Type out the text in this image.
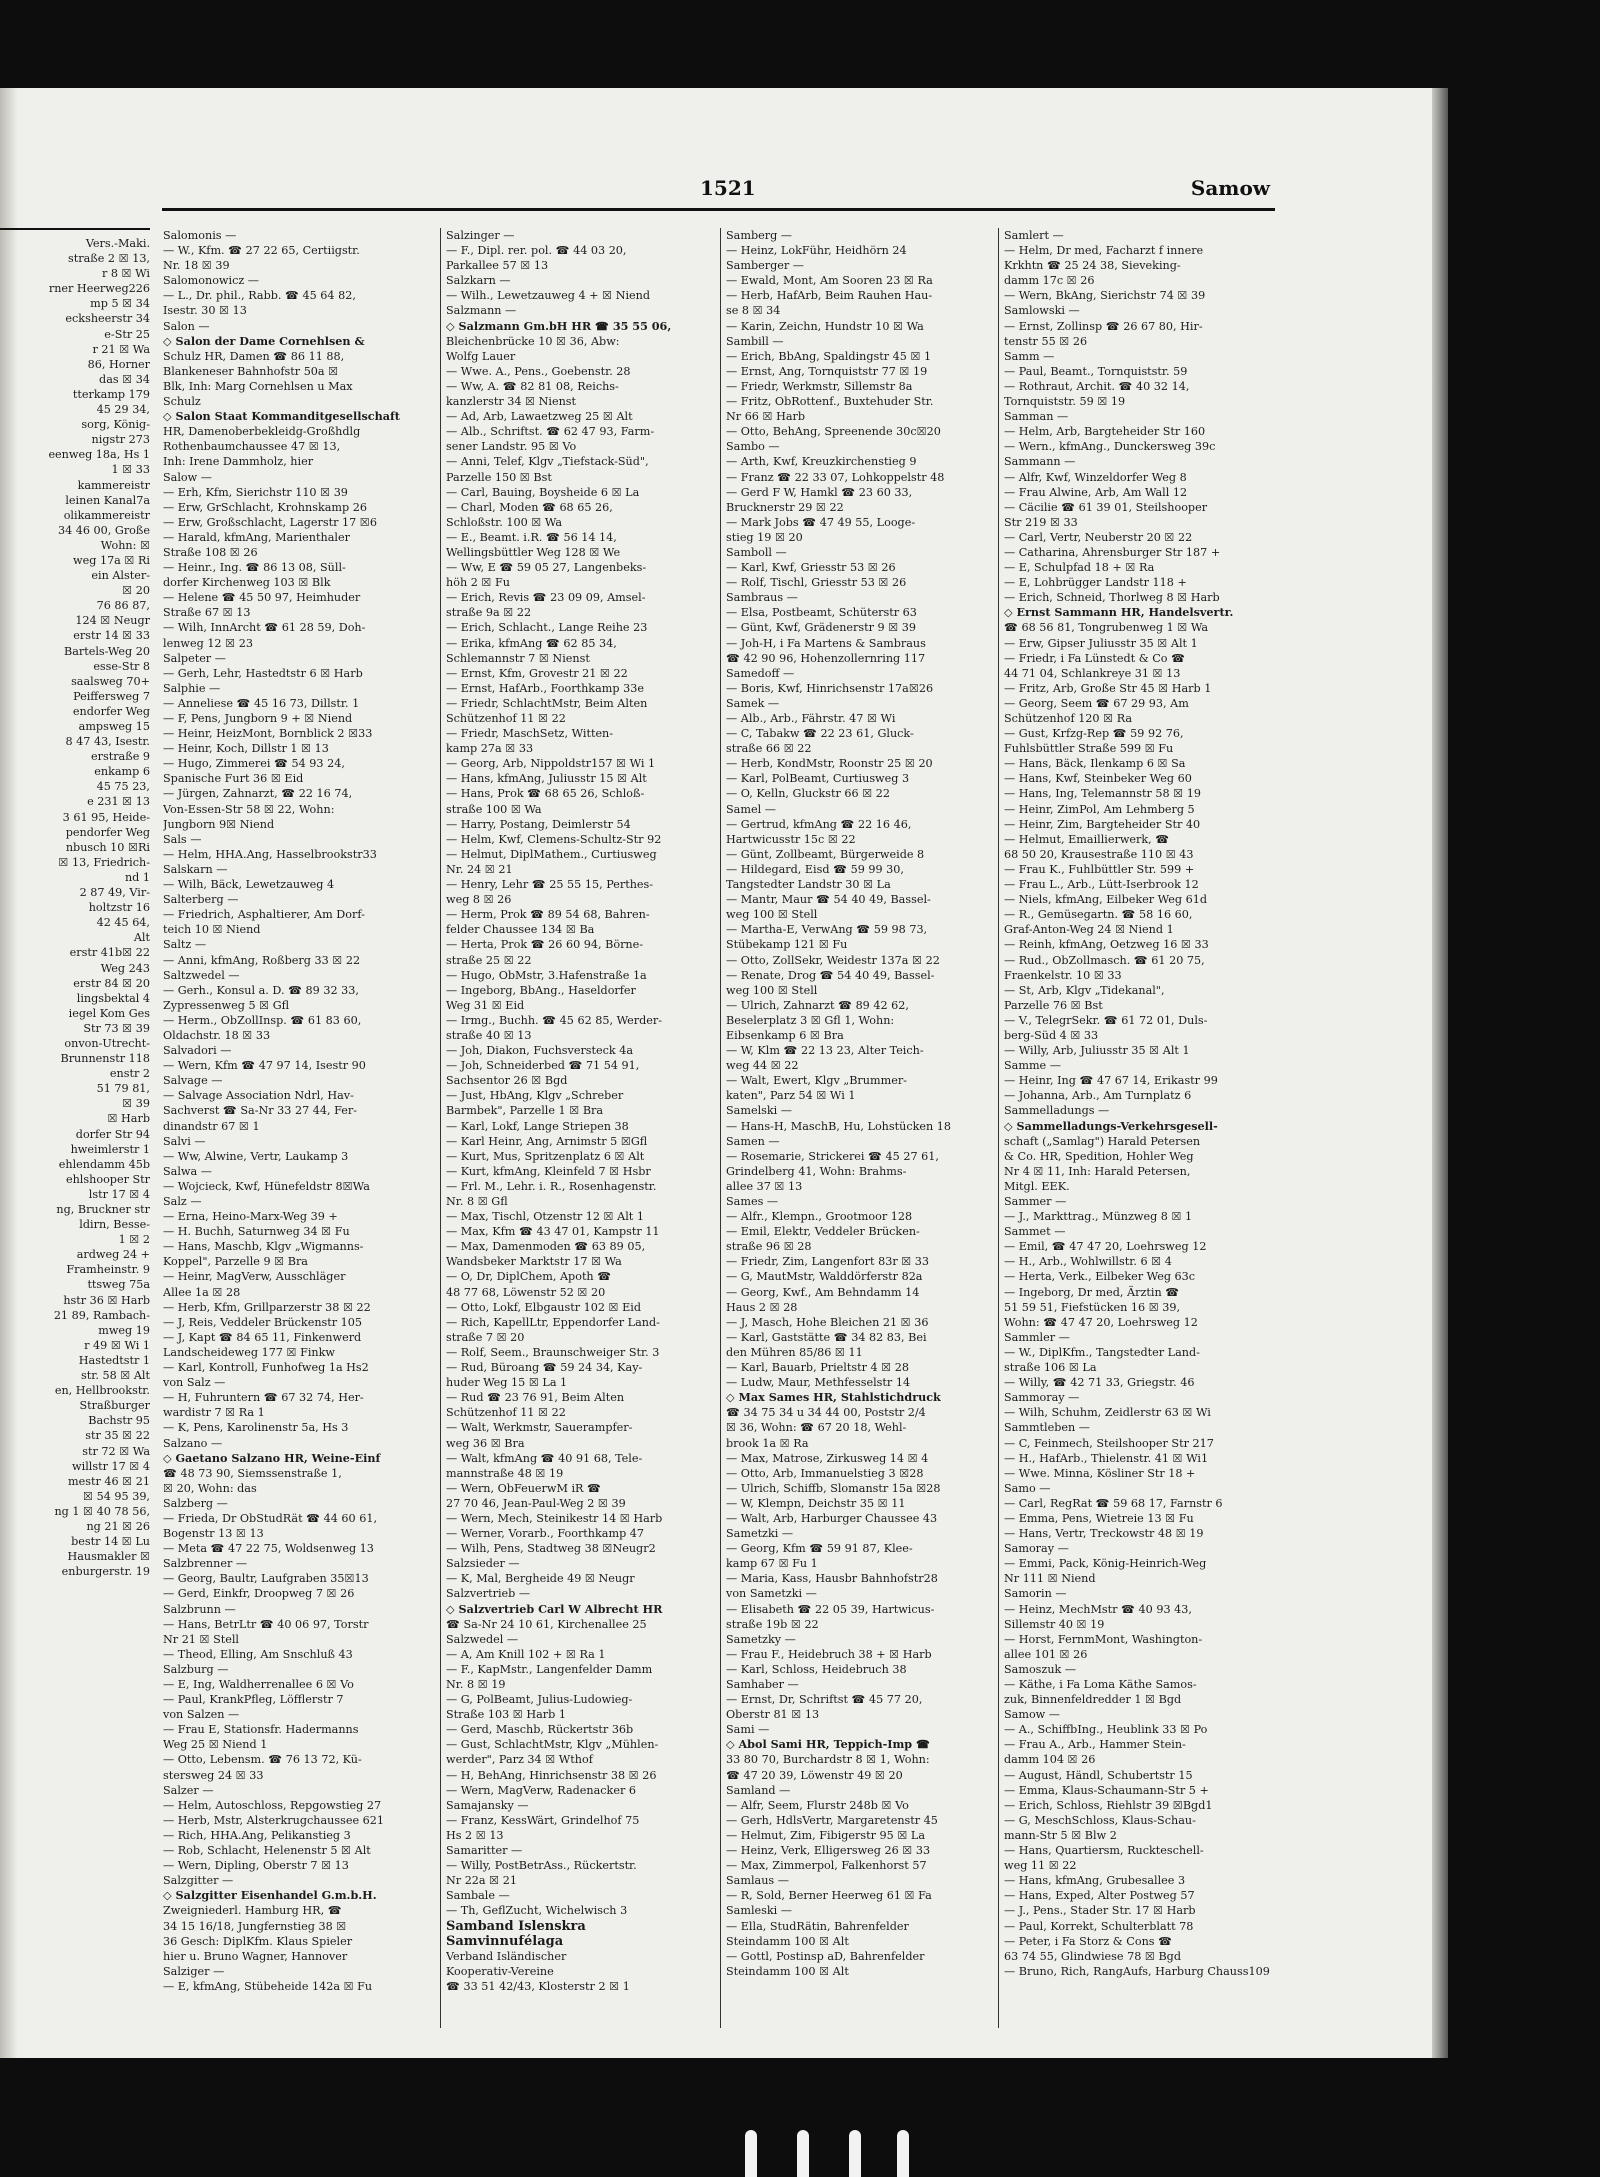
1521	Samow
Vers.-Maki.
straße 2 ☒ 13,
r 8 ☒ Wi
rner Heerweg226
mp 5 ☒ 34
ecksheerstr 34
e-Str 25
r 21 ☒ Wa
86, Horner
das ☒ 34
tterkamp 179
45 29 34,
sorg, König-
nigstr 273
eenweg 18a, Hs 1
1 ☒ 33
kammereistr
leinen Kanal7a
olikammereistr
34 46 00, Große
Wohn: ☒
weg 17a ☒ Ri
ein Alster-
☒ 20
76 86 87,
124 ☒ Neugr
erstr 14 ☒ 33
Bartels-Weg 20
esse-Str 8
saalsweg 70+
Peiffersweg 7
endorfer Weg
ampsweg 15
8 47 43, Isestr.
erstraße 9
enkamp 6
45 75 23,
e 231 ☒ 13
3 61 95, Heide-
pendorfer Weg
nbusch 10 ☒Ri
☒ 13, Friedrich-
nd 1
2 87 49, Vir-
holtzstr 16
42 45 64,
Alt
erstr 41b☒ 22
Weg 243
erstr 84 ☒ 20
lingsbektal 4
iegel Kom Ges
Str 73 ☒ 39
onvon-Utrecht-
Brunnenstr 118
enstr 2
51 79 81,
☒ 39
☒ Harb
dorfer Str 94
hweimlerstr 1
ehlendamm 45b
ehlshooper Str
lstr 17 ☒ 4
ng, Bruckner str
ldirn, Besse-
1 ☒ 2
ardweg 24 +
Framheinstr. 9
ttsweg 75a
hstr 36 ☒ Harb
21 89, Rambach-
mweg 19
r 49 ☒ Wi 1
Hastedtstr 1
str. 58 ☒ Alt
en, Hellbrookstr.
Straßburger
Bachstr 95
str 35 ☒ 22
str 72 ☒ Wa
willstr 17 ☒ 4
mestr 46 ☒ 21
☒ 54 95 39,
ng 1 ☒ 40 78 56,
ng 21 ☒ 26
bestr 14 ☒ Lu
Hausmakler ☒
enburgerstr. 19
Salomonis —
— W., Kfm. ☎ 27 22 65, Certiigstr.
Nr. 18 ☒ 39
Salomonowicz —
— L., Dr. phil., Rabb. ☎ 45 64 82,
Isestr. 30 ☒ 13
Salon —
◇ Salon der Dame Cornehlsen &
Schulz HR, Damen ☎ 86 11 88,
Blankeneser Bahnhofstr 50a ☒
Blk, Inh: Marg Cornehlsen u Max
Schulz
◇ Salon Staat Kommanditgesellschaft
HR, Damenoberbekleidg-Großhdlg
Rothenbaumchaussee 47 ☒ 13,
Inh: Irene Dammholz, hier
Salow —
— Erh, Kfm, Sierichstr 110 ☒ 39
— Erw, GrSchlacht, Krohnskamp 26
— Erw, Großschlacht, Lagerstr 17 ☒6
— Harald, kfmAng, Marienthaler
Straße 108 ☒ 26
— Heinr., Ing. ☎ 86 13 08, Süll-
dorfer Kirchenweg 103 ☒ Blk
— Helene ☎ 45 50 97, Heimhuder
Straße 67 ☒ 13
— Wilh, InnArcht ☎ 61 28 59, Doh-
lenweg 12 ☒ 23
Salpeter —
— Gerh, Lehr, Hastedtstr 6 ☒ Harb
Salphie —
— Anneliese ☎ 45 16 73, Dillstr. 1
— F, Pens, Jungborn 9 + ☒ Niend
— Heinr, HeizMont, Bornblick 2 ☒33
— Heinr, Koch, Dillstr 1 ☒ 13
— Hugo, Zimmerei ☎ 54 93 24,
Spanische Furt 36 ☒ Eid
— Jürgen, Zahnarzt, ☎ 22 16 74,
Von-Essen-Str 58 ☒ 22, Wohn:
Jungborn 9☒ Niend
Sals —
— Helm, HHA.Ang, Hasselbrookstr33
Salskarn —
— Wilh, Bäck, Lewetzauweg 4
Salterberg —
— Friedrich, Asphaltierer, Am Dorf-
teich 10 ☒ Niend
Saltz —
— Anni, kfmAng, Roßberg 33 ☒ 22
Saltzwedel —
— Gerh., Konsul a. D. ☎ 89 32 33,
Zypressenweg 5 ☒ Gfl
— Herm., ObZollInsp. ☎ 61 83 60,
Oldachstr. 18 ☒ 33
Salvadori —
— Wern, Kfm ☎ 47 97 14, Isestr 90
Salvage —
— Salvage Association Ndrl, Hav-
Sachverst ☎ Sa-Nr 33 27 44, Fer-
dinandstr 67 ☒ 1
Salvi —
— Ww, Alwine, Vertr, Laukamp 3
Salwa —
— Wojcieck, Kwf, Hünefeldstr 8☒Wa
Salz —
— Erna, Heino-Marx-Weg 39 +
— H. Buchh, Saturnweg 34 ☒ Fu
— Hans, Maschb, Klgv „Wigmanns-
Koppel", Parzelle 9 ☒ Bra
— Heinr, MagVerw, Ausschläger
Allee 1a ☒ 28
— Herb, Kfm, Grillparzerstr 38 ☒ 22
— J, Reis, Veddeler Brückenstr 105
— J, Kapt ☎ 84 65 11, Finkenwerd
Landscheideweg 177 ☒ Finkw
— Karl, Kontroll, Funhofweg 1a Hs2
von Salz —
— H, Fuhruntern ☎ 67 32 74, Her-
wardistr 7 ☒ Ra 1
— K, Pens, Karolinenstr 5a, Hs 3
Salzano —
◇ Gaetano Salzano HR, Weine-Einf
☎ 48 73 90, Siemssenstraße 1,
☒ 20, Wohn: das
Salzberg —
— Frieda, Dr ObStudRät ☎ 44 60 61,
Bogenstr 13 ☒ 13
— Meta ☎ 47 22 75, Woldsenweg 13
Salzbrenner —
— Georg, Baultr, Laufgraben 35☒13
— Gerd, Einkfr, Droopweg 7 ☒ 26
Salzbrunn —
— Hans, BetrLtr ☎ 40 06 97, Torstr
Nr 21 ☒ Stell
— Theod, Elling, Am Snschluß 43
Salzburg —
— E, Ing, Waldherrenallee 6 ☒ Vo
— Paul, KrankPfleg, Löfflerstr 7
von Salzen —
— Frau E, Stationsfr. Hadermanns
Weg 25 ☒ Niend 1
— Otto, Lebensm. ☎ 76 13 72, Kü-
stersweg 24 ☒ 33
Salzer —
— Helm, Autoschloss, Repgowstieg 27
— Herb, Mstr, Alsterkrugchaussee 621
— Rich, HHA.Ang, Pelikanstieg 3
— Rob, Schlacht, Helenenstr 5 ☒ Alt
— Wern, Dipling, Oberstr 7 ☒ 13
Salzgitter —
◇ Salzgitter Eisenhandel G.m.b.H.
Zweigniederl. Hamburg HR, ☎
34 15 16/18, Jungfernstieg 38 ☒
36 Gesch: DiplKfm. Klaus Spieler
hier u. Bruno Wagner, Hannover
Salziger —
— E, kfmAng, Stübeheide 142a ☒ Fu
Salzinger —
— F., Dipl. rer. pol. ☎ 44 03 20,
Parkallee 57 ☒ 13
Salzkarn —
— Wilh., Lewetzauweg 4 + ☒ Niend
Salzmann —
◇ Salzmann Gm.bH HR ☎ 35 55 06,
Bleichenbrücke 10 ☒ 36, Abw:
Wolfg Lauer
— Wwe. A., Pens., Goebenstr. 28
— Ww, A. ☎ 82 81 08, Reichs-
kanzlerstr 34 ☒ Nienst
— Ad, Arb, Lawaetzweg 25 ☒ Alt
— Alb., Schriftst. ☎ 62 47 93, Farm-
sener Landstr. 95 ☒ Vo
— Anni, Telef, Klgv „Tiefstack-Süd",
Parzelle 150 ☒ Bst
— Carl, Bauing, Boysheide 6 ☒ La
— Charl, Moden ☎ 68 65 26,
Schloßstr. 100 ☒ Wa
— E., Beamt. i.R. ☎ 56 14 14,
Wellingsbüttler Weg 128 ☒ We
— Ww, E ☎ 59 05 27, Langenbeks-
höh 2 ☒ Fu
— Erich, Revis ☎ 23 09 09, Amsel-
straße 9a ☒ 22
— Erich, Schlacht., Lange Reihe 23
— Erika, kfmAng ☎ 62 85 34,
Schlemannstr 7 ☒ Nienst
— Ernst, Kfm, Grovestr 21 ☒ 22
— Ernst, HafArb., Foorthkamp 33e
— Friedr, SchlachtMstr, Beim Alten
Schützenhof 11 ☒ 22
— Friedr, MaschSetz, Witten-
kamp 27a ☒ 33
— Georg, Arb, Nippoldstr157 ☒ Wi 1
— Hans, kfmAng, Juliusstr 15 ☒ Alt
— Hans, Prok ☎ 68 65 26, Schloß-
straße 100 ☒ Wa
— Harry, Postang, Deimlerstr 54
— Helm, Kwf, Clemens-Schultz-Str 92
— Helmut, DiplMathem., Curtiusweg
Nr. 24 ☒ 21
— Henry, Lehr ☎ 25 55 15, Perthes-
weg 8 ☒ 26
— Herm, Prok ☎ 89 54 68, Bahren-
felder Chaussee 134 ☒ Ba
— Herta, Prok ☎ 26 60 94, Börne-
straße 25 ☒ 22
— Hugo, ObMstr, 3.Hafenstraße 1a
— Ingeborg, BbAng., Haseldorfer
Weg 31 ☒ Eid
— Irmg., Buchh. ☎ 45 62 85, Werder-
straße 40 ☒ 13
— Joh, Diakon, Fuchsversteck 4a
— Joh, Schneiderbed ☎ 71 54 91,
Sachsentor 26 ☒ Bgd
— Just, HbAng, Klgv „Schreber
Barmbek", Parzelle 1 ☒ Bra
— Karl, Lokf, Lange Striepen 38
— Karl Heinr, Ang, Arnimstr 5 ☒Gfl
— Kurt, Mus, Spritzenplatz 6 ☒ Alt
— Kurt, kfmAng, Kleinfeld 7 ☒ Hsbr
— Frl. M., Lehr. i. R., Rosenhagenstr.
Nr. 8 ☒ Gfl
— Max, Tischl, Otzenstr 12 ☒ Alt 1
— Max, Kfm ☎ 43 47 01, Kampstr 11
— Max, Damenmoden ☎ 63 89 05,
Wandsbeker Marktstr 17 ☒ Wa
— O, Dr, DiplChem, Apoth ☎
48 77 68, Löwenstr 52 ☒ 20
— Otto, Lokf, Elbgaustr 102 ☒ Eid
— Rich, KapellLtr, Eppendorfer Land-
straße 7 ☒ 20
— Rolf, Seem., Braunschweiger Str. 3
— Rud, Büroang ☎ 59 24 34, Kay-
huder Weg 15 ☒ La 1
— Rud ☎ 23 76 91, Beim Alten
Schützenhof 11 ☒ 22
— Walt, Werkmstr, Sauerampfer-
weg 36 ☒ Bra
— Walt, kfmAng ☎ 40 91 68, Tele-
mannstraße 48 ☒ 19
— Wern, ObFeuerwM iR ☎
27 70 46, Jean-Paul-Weg 2 ☒ 39
— Wern, Mech, Steinikestr 14 ☒ Harb
— Werner, Vorarb., Foorthkamp 47
— Wilh, Pens, Stadtweg 38 ☒Neugr2
Salzsieder —
— K, Mal, Bergheide 49 ☒ Neugr
Salzvertrieb —
◇ Salzvertrieb Carl W Albrecht HR
☎ Sa-Nr 24 10 61, Kirchenallee 25
Salzwedel —
— A, Am Knill 102 + ☒ Ra 1
— F., KapMstr., Langenfelder Damm
Nr. 8 ☒ 19
— G, PolBeamt, Julius-Ludowieg-
Straße 103 ☒ Harb 1
— Gerd, Maschb, Rückertstr 36b
— Gust, SchlachtMstr, Klgv „Mühlen-
werder", Parz 34 ☒ Wthof
— H, BehAng, Hinrichsenstr 38 ☒ 26
— Wern, MagVerw, Radenacker 6
Samajansky —
— Franz, KessWärt, Grindelhof 75
Hs 2 ☒ 13
Samaritter —
— Willy, PostBetrAss., Rückertstr.
Nr 22a ☒ 21
Sambale —
— Th, GeflZucht, Wichelwisch 3
Samband Islenskra
Samvinnufélaga
Verband Isländischer
Kooperativ-Vereine
☎ 33 51 42/43, Klosterstr 2 ☒ 1
Samberg —
— Heinz, LokFühr, Heidhörn 24
Samberger —
— Ewald, Mont, Am Sooren 23 ☒ Ra
— Herb, HafArb, Beim Rauhen Hau-
se 8 ☒ 34
— Karin, Zeichn, Hundstr 10 ☒ Wa
Sambill —
— Erich, BbAng, Spaldingstr 45 ☒ 1
— Ernst, Ang, Tornquiststr 77 ☒ 19
— Friedr, Werkmstr, Sillemstr 8a
— Fritz, ObRottenf., Buxtehuder Str.
Nr 66 ☒ Harb
— Otto, BehAng, Spreenende 30c☒20
Sambo —
— Arth, Kwf, Kreuzkirchenstieg 9
— Franz ☎ 22 33 07, Lohkoppelstr 48
— Gerd F W, Hamkl ☎ 23 60 33,
Brucknerstr 29 ☒ 22
— Mark Jobs ☎ 47 49 55, Looge-
stieg 19 ☒ 20
Samboll —
— Karl, Kwf, Griesstr 53 ☒ 26
— Rolf, Tischl, Griesstr 53 ☒ 26
Sambraus —
— Elsa, Postbeamt, Schüterstr 63
— Günt, Kwf, Grädenerstr 9 ☒ 39
— Joh-H, i Fa Martens & Sambraus
☎ 42 90 96, Hohenzollernring 117
Samedoff —
— Boris, Kwf, Hinrichsenstr 17a☒26
Samek —
— Alb., Arb., Fährstr. 47 ☒ Wi
— C, Tabakw ☎ 22 23 61, Gluck-
straße 66 ☒ 22
— Herb, KondMstr, Roonstr 25 ☒ 20
— Karl, PolBeamt, Curtiusweg 3
— O, Kelln, Gluckstr 66 ☒ 22
Samel —
— Gertrud, kfmAng ☎ 22 16 46,
Hartwicusstr 15c ☒ 22
— Günt, Zollbeamt, Bürgerweide 8
— Hildegard, Eisd ☎ 59 99 30,
Tangstedter Landstr 30 ☒ La
— Mantr, Maur ☎ 54 40 49, Bassel-
weg 100 ☒ Stell
— Martha-E, VerwAng ☎ 59 98 73,
Stübekamp 121 ☒ Fu
— Otto, ZollSekr, Weidestr 137a ☒ 22
— Renate, Drog ☎ 54 40 49, Bassel-
weg 100 ☒ Stell
— Ulrich, Zahnarzt ☎ 89 42 62,
Beselerplatz 3 ☒ Gfl 1, Wohn:
Eibsenkamp 6 ☒ Bra
— W, Klm ☎ 22 13 23, Alter Teich-
weg 44 ☒ 22
— Walt, Ewert, Klgv „Brummer-
katen", Parz 54 ☒ Wi 1
Samelski —
— Hans-H, MaschB, Hu, Lohstücken 18
Samen —
— Rosemarie, Strickerei ☎ 45 27 61,
Grindelberg 41, Wohn: Brahms-
allee 37 ☒ 13
Sames —
— Alfr., Klempn., Grootmoor 128
— Emil, Elektr, Veddeler Brücken-
straße 96 ☒ 28
— Friedr, Zim, Langenfort 83r ☒ 33
— G, MautMstr, Walddörferstr 82a
— Georg, Kwf., Am Behndamm 14
Haus 2 ☒ 28
— J, Masch, Hohe Bleichen 21 ☒ 36
— Karl, Gaststätte ☎ 34 82 83, Bei
den Mühren 85/86 ☒ 11
— Karl, Bauarb, Prieltstr 4 ☒ 28
— Ludw, Maur, Methfesselstr 14
◇ Max Sames HR, Stahlstichdruck
☎ 34 75 34 u 34 44 00, Poststr 2/4
☒ 36, Wohn: ☎ 67 20 18, Wehl-
brook 1a ☒ Ra
— Max, Matrose, Zirkusweg 14 ☒ 4
— Otto, Arb, Immanuelstieg 3 ☒28
— Ulrich, Schiffb, Slomanstr 15a ☒28
— W, Klempn, Deichstr 35 ☒ 11
— Walt, Arb, Harburger Chaussee 43
Sametzki —
— Georg, Kfm ☎ 59 91 87, Klee-
kamp 67 ☒ Fu 1
— Maria, Kass, Hausbr Bahnhofstr28
von Sametzki —
— Elisabeth ☎ 22 05 39, Hartwicus-
straße 19b ☒ 22
Sametzky —
— Frau F., Heidebruch 38 + ☒ Harb
— Karl, Schloss, Heidebruch 38
Samhaber —
— Ernst, Dr, Schriftst ☎ 45 77 20,
Oberstr 81 ☒ 13
Sami —
◇ Abol Sami HR, Teppich-Imp ☎
33 80 70, Burchardstr 8 ☒ 1, Wohn:
☎ 47 20 39, Löwenstr 49 ☒ 20
Samland —
— Alfr, Seem, Flurstr 248b ☒ Vo
— Gerh, HdlsVertr, Margaretenstr 45
— Helmut, Zim, Fibigerstr 95 ☒ La
— Heinz, Verk, Elligersweg 26 ☒ 33
— Max, Zimmerpol, Falkenhorst 57
Samlaus —
— R, Sold, Berner Heerweg 61 ☒ Fa
Samleski —
— Ella, StudRätin, Bahrenfelder
Steindamm 100 ☒ Alt
— Gottl, Postinsp aD, Bahrenfelder
Steindamm 100 ☒ Alt
Samlert —
— Helm, Dr med, Facharzt f innere
Krkhtn ☎ 25 24 38, Sieveking-
damm 17c ☒ 26
— Wern, BkAng, Sierichstr 74 ☒ 39
Samlowski —
— Ernst, Zollinsp ☎ 26 67 80, Hir-
tenstr 55 ☒ 26
Samm —
— Paul, Beamt., Tornquiststr. 59
— Rothraut, Archit. ☎ 40 32 14,
Tornquiststr. 59 ☒ 19
Samman —
— Helm, Arb, Bargteheider Str 160
— Wern., kfmAng., Dunckersweg 39c
Sammann —
— Alfr, Kwf, Winzeldorfer Weg 8
— Frau Alwine, Arb, Am Wall 12
— Cäcilie ☎ 61 39 01, Steilshooper
Str 219 ☒ 33
— Carl, Vertr, Neuberstr 20 ☒ 22
— Catharina, Ahrensburger Str 187 +
— E, Schulpfad 18 + ☒ Ra
— E, Lohbrügger Landstr 118 +
— Erich, Schneid, Thorlweg 8 ☒ Harb
◇ Ernst Sammann HR, Handelsvertr.
☎ 68 56 81, Tongrubenweg 1 ☒ Wa
— Erw, Gipser Juliusstr 35 ☒ Alt 1
— Friedr, i Fa Lünstedt & Co ☎
44 71 04, Schlankreye 31 ☒ 13
— Fritz, Arb, Große Str 45 ☒ Harb 1
— Georg, Seem ☎ 67 29 93, Am
Schützenhof 120 ☒ Ra
— Gust, Krfzg-Rep ☎ 59 92 76,
Fuhlsbüttler Straße 599 ☒ Fu
— Hans, Bäck, Ilenkamp 6 ☒ Sa
— Hans, Kwf, Steinbeker Weg 60
— Hans, Ing, Telemannstr 58 ☒ 19
— Heinr, ZimPol, Am Lehmberg 5
— Heinr, Zim, Bargteheider Str 40
— Helmut, Emaillierwerk, ☎
68 50 20, Krausestraße 110 ☒ 43
— Frau K., Fuhlbüttler Str. 599 +
— Frau L., Arb., Lütt-Iserbrook 12
— Niels, kfmAng, Eilbeker Weg 61d
— R., Gemüsegartn. ☎ 58 16 60,
Graf-Anton-Weg 24 ☒ Niend 1
— Reinh, kfmAng, Oetzweg 16 ☒ 33
— Rud., ObZollmasch. ☎ 61 20 75,
Fraenkelstr. 10 ☒ 33
— St, Arb, Klgv „Tidekanal",
Parzelle 76 ☒ Bst
— V., TelegrSekr. ☎ 61 72 01, Duls-
berg-Süd 4 ☒ 33
— Willy, Arb, Juliusstr 35 ☒ Alt 1
Samme —
— Heinr, Ing ☎ 47 67 14, Erikastr 99
— Johanna, Arb., Am Turnplatz 6
Sammelladungs —
◇ Sammelladungs-Verkehrsgesell-
schaft („Samlag") Harald Petersen
& Co. HR, Spedition, Hohler Weg
Nr 4 ☒ 11, Inh: Harald Petersen,
Mitgl. EEK.
Sammer —
— J., Markttrag., Münzweg 8 ☒ 1
Sammet —
— Emil, ☎ 47 47 20, Loehrsweg 12
— H., Arb., Wohlwillstr. 6 ☒ 4
— Herta, Verk., Eilbeker Weg 63c
— Ingeborg, Dr med, Ärztin ☎
51 59 51, Fiefstücken 16 ☒ 39,
Wohn: ☎ 47 47 20, Loehrsweg 12
Sammler —
— W., DiplKfm., Tangstedter Land-
straße 106 ☒ La
— Willy, ☎ 42 71 33, Griegstr. 46
Sammoray —
— Wilh, Schuhm, Zeidlerstr 63 ☒ Wi
Sammtleben —
— C, Feinmech, Steilshooper Str 217
— H., HafArb., Thielenstr. 41 ☒ Wi1
— Wwe. Minna, Kösliner Str 18 +
Samo —
— Carl, RegRat ☎ 59 68 17, Farnstr 6
— Emma, Pens, Wietreie 13 ☒ Fu
— Hans, Vertr, Treckowstr 48 ☒ 19
Samoray —
— Emmi, Pack, König-Heinrich-Weg
Nr 111 ☒ Niend
Samorin —
— Heinz, MechMstr ☎ 40 93 43,
Sillemstr 40 ☒ 19
— Horst, FernmMont, Washington-
allee 101 ☒ 26
Samoszuk —
— Käthe, i Fa Loma Käthe Samos-
zuk, Binnenfeldredder 1 ☒ Bgd
Samow —
— A., SchiffbIng., Heublink 33 ☒ Po
— Frau A., Arb., Hammer Stein-
damm 104 ☒ 26
— August, Händl, Schubertstr 15
— Emma, Klaus-Schaumann-Str 5 +
— Erich, Schloss, Riehlstr 39 ☒Bgd1
— G, MeschSchloss, Klaus-Schau-
mann-Str 5 ☒ Blw 2
— Hans, Quartiersm, Ruckteschell-
weg 11 ☒ 22
— Hans, kfmAng, Grubesallee 3
— Hans, Exped, Alter Postweg 57
— J., Pens., Stader Str. 17 ☒ Harb
— Paul, Korrekt, Schulterblatt 78
— Peter, i Fa Storz & Cons ☎
63 74 55, Glindwiese 78 ☒ Bgd
— Bruno, Rich, RangAufs, Harburg Chauss109
